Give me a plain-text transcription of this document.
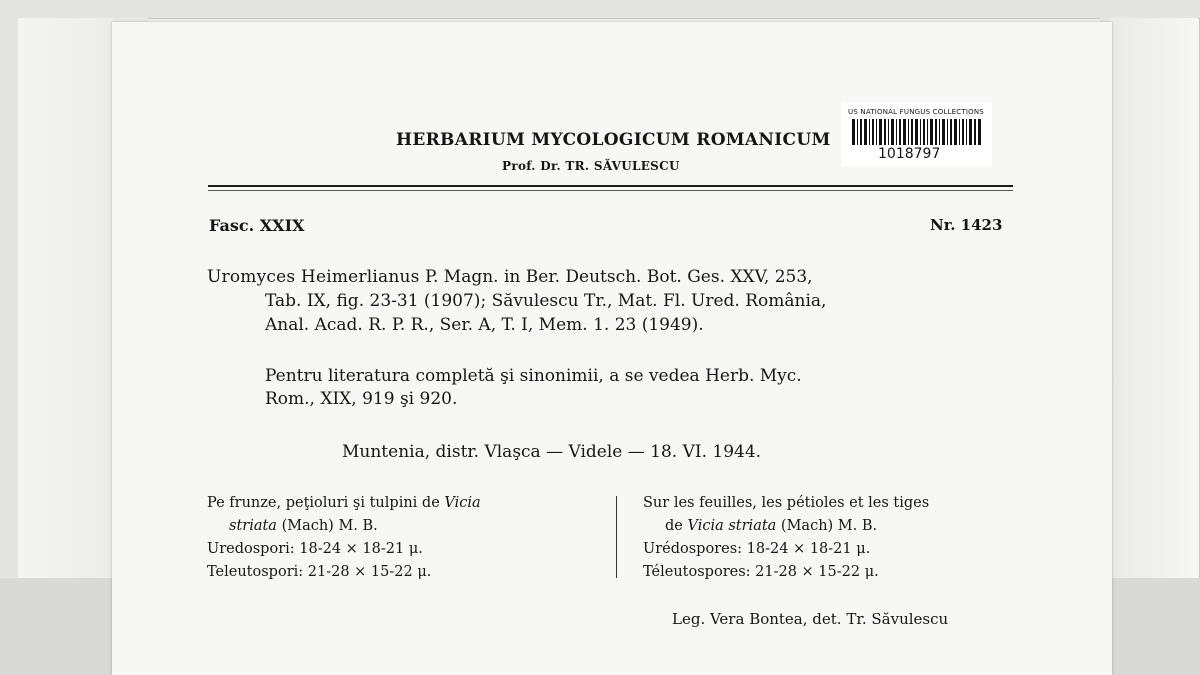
HERBARIUM MYCOLOGICUM ROMANICUM
Prof. Dr. TR. SĂVULESCU
US NATIONAL FUNGUS COLLECTIONS
1018797
Fasc. XXIX	Nr. 1423
Uromyces Heimerlianus P. Magn. in Ber. Deutsch. Bot. Ges. XXV, 253,
Tab. IX, fig. 23-31 (1907); Săvulescu Tr., Mat. Fl. Ured. România,
Anal. Acad. R. P. R., Ser. A, T. I, Mem. 1. 23 (1949).
Pentru literatura completă şi sinonimii, a se vedea Herb. Myc.
Rom., XIX, 919 şi 920.
Muntenia, distr. Vlaşca — Videle — 18. VI. 1944.
Pe frunze, peţioluri şi tulpini de Vicia
striata (Mach) M. B.
Uredospori: 18-24 × 18-21 μ.
Teleutospori: 21-28 × 15-22 μ.
Sur les feuilles, les pétioles et les tiges
de Vicia striata (Mach) M. B.
Urédospores: 18-24 × 18-21 μ.
Téleutospores: 21-28 × 15-22 μ.
Leg. Vera Bontea, det. Tr. Săvulescu
